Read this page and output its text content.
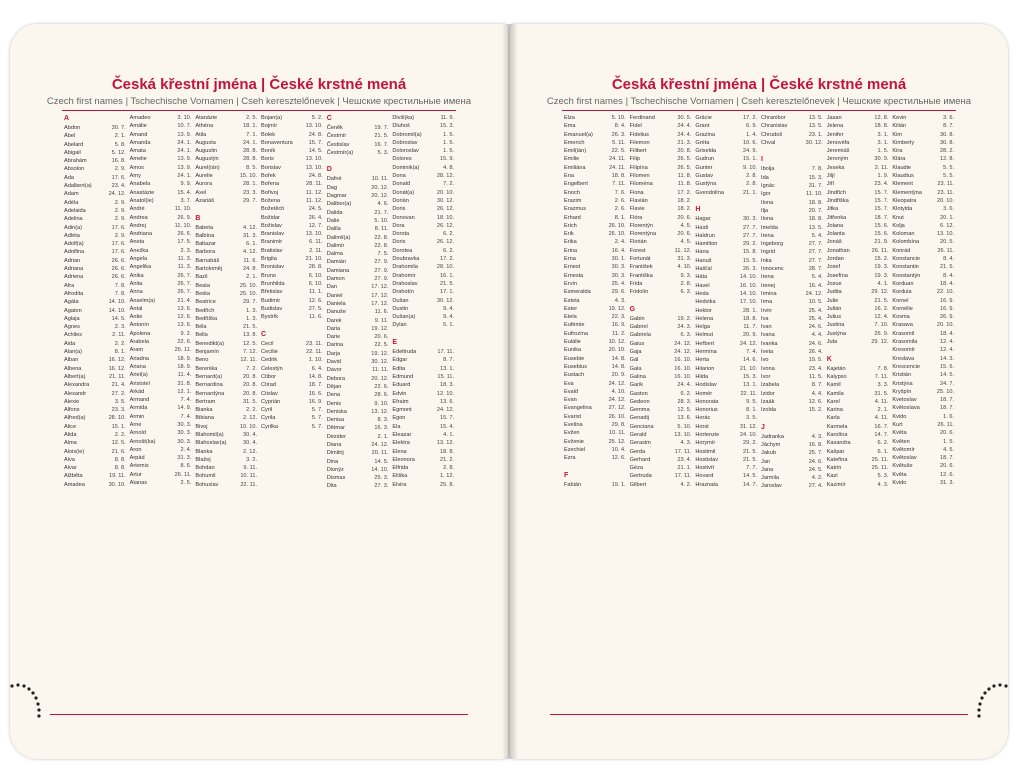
Česká křestní jména | České krstné mená
Czech first names | Tschechische Vornamen | Cseh keresztelőnevek | Чешские крестильные имена
A
Abdon	30. 7.
Ábel	2. 1.
Abelard	5. 8.
Abigail	5. 12.
Abrahám	16. 8.
Absolon	2. 9.
Ada	17. 6.
Adalbert(a)	23. 4.
Adam	24. 12.
Adéla	2. 9.
Adelaida	2. 9.
Adelina	2. 9.
Adin(a)	17. 6.
Adléta	2. 9.
Adolf(a)	17. 6.
Adolfina	17. 6.
Adrian	26. 6.
Adriana	26. 6.
Adriena	26. 6.
Afra	7. 8.
Afrodita	7. 8.
Agáta	14. 10.
Agaton	14. 10.
Aglaja	14. 5.
Agnes	2. 3.
Achiles	2. 11.
Aida	2. 2.
Alan(a)	8. 1.
Alban	16. 12.
Albena	16. 12.
Albert(a)	21. 11.
Alexandra	21. 4.
Alexandr	27. 2.
Alexie	3. 5.
Alfons	23. 3.
Alfred(a)	28. 10.
Alice	15. 1.
Alida	2. 2.
Alma	12. 5.
Alois(ie)	21. 6.
Alva	8. 8.
Alvar	8. 8.
Alžběta	19. 11.
Amadea	30. 10.
Amadeo	3. 10.
Amálie	10. 7.
Amand	13. 9.
Amanda	24. 1.
Amata	24. 1.
Amelie	13. 9.
Amos	13. 9.
Amy	24. 1.
Anabela	9. 9.
Anastázie	15. 4.
Anatol(ie)	3. 7.
André	11. 10.
Andrea	26. 9.
Andrej	11. 10.
Andriana	26. 6.
Aneta	17. 5.
Anežka	2. 3.
Angela	11. 3.
Angelika	11. 3.
Anika	26. 7.
Anita	26. 7.
Anna	26. 7.
Anselm(a)	21. 4.
Antal	13. 6.
Antie	12. 6.
Antonín	13. 6.
Apolena	9. 2.
Arabela	22. 6.
Aram	26. 11.
Ariadna	18. 9.
Ariana	18. 9.
Ariel(a)	11. 4.
Aristotel	31. 8.
Arkád	12. 1.
Armand	7. 4.
Armida	14. 9.
Armin	7. 4.
Arne	30. 3.
Arnold	30. 3.
Arnošt(ka)	30. 3.
Aron	2. 4.
Arpád	31. 3.
Artemis	8. 6.
Artur	26. 11.
Atanas	2. 5.
Atanázie	2. 5.
Athéna	18. 1.
Atila	7. 1.
Augusta	24. 1.
Augustin	28. 8.
Augustýn	28. 8.
Aurel(ián)	8. 5.
Aurelie	15. 10.
Aurora	28. 1.
Axel	23. 3.
Azariáš	29. 7.

B
Babeta	4. 12.
Balbína	31. 3.
Baltazar	6. 1.
Barbora	4. 12.
Barnabáš	11. 6.
Bartoloměj	24. 8.
Bazil	2. 1.
Beata	25. 10.
Beáta	25. 10.
Beatrice	29. 7.
Bedřich	1. 3.
Bedřiška	1. 3.
Béla	21. 5.
Bella	13. 8.
Benedikt(a)	12. 5.
Benjamín	7. 12.
Beno	12. 11.
Berenika	7. 2.
Bernard(a)	20. 8.
Bernardina	20. 8.
Bernardýna	20. 8.
Bertram	31. 5.
Bianka	2. 2.
Bibiana	2. 12.
Bivoj	10. 10.
Blahomil(a)	30. 4.
Blahoslav(a)	30. 4.
Blanka	2. 12.
Blažej	3. 2.
Bohdan	9. 11.
Bohumil	10. 11.
Bohuslav	22. 11.
Bojan(a)	5. 2.
Bojmír	13. 10.
Bolek	24. 8.
Bonaventura	15. 7.
Boník	14. 5.
Boris	13. 10.
Borislav	13. 10.
Bořek	24. 8.
Bořena	28. 11.
Bořivoj	11. 12.
Božena	11. 12.
Božetěch	24. 5.
Božidar	26. 4.
Božislav	12. 7.
Branislav	13. 10.
Branimír	6. 11.
Bratislav	2. 11.
Brigita	21. 10.
Bronislav	28. 8.
Bruno	6. 10.
Brunhilda	6. 10.
Břetislav	11. 1.
Budimír	12. 6.
Budislav	27. 5.
Bystrík	11. 6.

C
Cecil	23. 11.
Cecilie	22. 11.
Cedrik	1. 10.
Celestýn	6. 4.
Ctibor	14. 8.
Ctirad	18. 7.
Ctislav	16. 6.
Cyprián	16. 9.
Cyril	5. 7.
Cyrila	5. 7.
Cyrilka	5. 7.
Č
Čeněk	19. 7.
Čestmír	21. 5.
Čestislav	16. 7.
Čestmír(a)	5. 3.

D
Dafné	10. 11.
Dag	20. 12.
Dagmar	20. 12.
Dalibor(a)	4. 6.
Dalida	21. 7.
Dalie	5. 10.
Dalila	8. 11.
Dalimil(a)	22. 8.
Dalimír	22. 8.
Dalma	7. 5.
Damián	27. 9.
Damiana	27. 9.
Damon	27. 9.
Dan	17. 12.
Daniel	17. 12.
Daniela	17. 12.
Danuše	11. 6.
Darek	9. 11.
Daria	19. 12.
Darie	20. 6.
Darina	22. 5.
Darja	19. 12.
David	30. 12.
Davor	11. 11.
Debora	20. 12.
Dějan	22. 6.
Dena	28. 6.
Denis	9. 10.
Deniska	13. 12.
Denisa	8. 3.
Dětmar	16. 3.
Dezider	2. 1.
Diana	24. 12.
Dimitrij	20. 11.
Dina	14. 5.
Dionýz	14. 10.
Dismas	25. 3.
Dita	27. 3.
Diviš(ka)	11. 9.
Dluhoš	15. 3.
Dobromil(a)	1. 5.
Dobroslav	1. 5.
Doloroslav	1. 5.
Dolores	15. 9.
Dominik(a)	4. 8.
Dona	28. 12.
Donald	7. 2.
Donát(a)	20. 10.
Dorián	30. 12.
Doris	26. 12.
Donovan	18. 10.
Dora	26. 12.
Dorota	6. 2.
Doris	26. 12.
Dorotea	6. 2.
Doubravka	17. 2.
Drahomila	28. 10.
Drahomír	16. 1.
Drahoslav	21. 5.
Drahotín	17. 1.
Dušan	30. 12.
Dustin	9. 4.
Dušan(a)	9. 4.
Dylan	5. 1.

E
Edeltruda	17. 11.
Edgar	8. 7.
Edita	13. 1.
Edmund	15. 11.
Eduard	18. 3.
Edvin	12. 10.
Efraim	13. 6.
Egmont	24. 12.
Egon	15. 7.
Ela	15. 4.
Eleazar	4. 1.
Elektra	13. 12.
Elena	18. 8.
Eleonora	21. 2.
Elfrida	2. 8.
Eliška	1. 12.
Elvira	25. 8.
Česká křestní jména | České krstné mená
Czech first names | Tschechische Vornamen | Cseh keresztelőnevek | Чешские крестильные имена
Elza	5. 10.
Ema	8. 4.
Emanuel(a)	26. 3.
Emerich	5. 11.
Emil(ián)	22. 5.
Emilie	24. 11.
Emiliána	24. 11.
Ena	18. 8.
Engelbert	7. 11.
Enoch	7. 6.
Erazim	2. 6.
Erazmus	2. 6.
Erhard	8. 1.
Erich	26. 10.
Erik	26. 10.
Erika	2. 4.
Erina	16. 4.
Erna	30. 1.
Ernest	30. 3.
Ernesta	30. 3.
Ervín	25. 4.
Esmeralda	29. 6.
Estela	4. 3.
Ester	19. 12.
Etela	22. 3.
Eufémie	16. 9.
Eufrozína	11. 2.
Eulálie	10. 12.
Eunika	20. 10.
Eusebie	14. 8.
Eusebius	14. 8.
Eustach	20. 9.
Eva	24. 12.
Evald	4. 10.
Evan	24. 12.
Evangelina	27. 12.
Evarist	26. 10.
Evelína	29. 8.
Evžen	10. 11.
Evženie	25. 12.
Ezechiel	10. 4.
Ezra	12. 6.

F
Fabián	19. 1.
Ferdinand	30. 5.
Fidel	24. 4.
Fidelius	24. 4.
Filemon	21. 3.
Filibert	20. 8.
Filip	26. 5.
Filipína	26. 5.
Filomen	11. 8.
Filoména	11. 8.
Fiona	17. 2.
Flavián	18. 2.
Flavie	18. 2.
Flóra	20. 6.
Florentýn	4. 5.
Florentýna	20. 6.
Florián	4. 5.
Forest	11. 12.
Fortunát	31. 3.
František	4. 10.
Františka	9. 3.
Frida	2. 8.
Fridolín	6. 3.

G
Gabin	19. 2.
Gabriel	24. 3.
Gabriela	6. 3.
Gaius	24. 12.
Gaja	24. 12.
Gál	16. 10.
Gala	16. 10.
Galina	16. 10.
Garik	24. 4.
Gaston	6. 2.
Gedeon	28. 3.
Gemma	12. 5.
Genadij	13. 6.
Genciana	5. 10.
Gerald	13. 10.
Gerasim	4. 3.
Gerda	17. 11.
Gerhard	23. 4.
Géza	21. 1.
Gertruda	17. 11.
Gilbert	4. 2.
Grácie	17. 2.
Grant	6. 9.
Grażina	1. 4.
Gréta	10. 6.
Griselda	24. 9.
Gudrun	15. 1.
Gunter	9. 10.
Gustav	2. 8.
Gustýna	2. 8.
Gvendolína	21. 1.

H
Hagar	30. 3.
Haidi	27. 7.
Haldrun	27. 7.
Hamilton	29. 2.
Hana	15. 8.
Hanuš	15. 5.
Hašťal	26. 3.
Háta	14. 10.
Havel	16. 10.
Heda	14. 10.
Hedvika	17. 10.
Hektor	28. 1.
Helena	18. 8.
Helga	11. 7.
Helmut	20. 9.
Heřbert	24. 12.
Hermína	7. 4.
Herta	14. 6.
Hilarion	21. 10.
Hilda	15. 3.
Hodislav	13. 1.
Homér	22. 11.
Honorata	9. 5.
Honorius	8. 1.
Horác	3. 5.
Horst	31. 12.
Hortenzie	24. 10.
Horymír	29. 2.
Hostimil	21. 5.
Hostislav	21. 5.
Hostivít	7. 7.
Hovard	14. 5.
Hraznata	14. 7.
Chranibor	13. 5.
Chranislav	13. 5.
Chrudoš	23. 1.
Chval	30. 12.

I
Ibolja	7. 8.
Ida	15. 3.
Ignác	31. 7.
Igor	11. 10.
Ilona	18. 8.
Ilja	20. 7.
Ilona	18. 8.
Imelda	13. 5.
Irena	5. 4.
Ingeborg	27. 7.
Ingrid	27. 7.
Inka	27. 7.
Innocenc	28. 7.
Irena	5. 4.
Irenej	16. 4.
Irmina	24. 12.
Irma	10. 5.
Irvin	25. 4.
Iva	25. 4.
Ivan	24. 6.
Ivana	4. 4.
Ivanka	24. 6.
Iveta	26. 4.
Ivo	19. 5.
Ivona	23. 4.
Ivor	11. 5.
Izabela	8. 7.
Izidor	4. 4.
Izaák	12. 6.
Izolda	15. 2.

J
Jadranka	4. 3.
Jáchym	16. 8.
Jakub	25. 7.
Jan	24. 6.
Jana	24. 5.
Jarmila	4. 2.
Jaroslav	27. 4.
Jasan	12. 8.
Jelena	18. 8.
Jenifer	3. 1.
Jenovéfa	3. 1.
Jeremiáš	1. 5.
Jeroným	30. 9.
Jeseka	2. 11.
Jiljí	1. 9.
Jiří	23. 4.
Jindřich	15. 7.
Jindřiška	15. 7.
Jitka	15. 7.
Jitřenka	18. 7.
Jolana	15. 6.
Jolanta	15. 6.
Jonáš	21. 9.
Jonathan	26. 11.
Jordan	15. 2.
Josef	19. 3.
Josefína	19. 3.
Jozue	4. 1.
Judita	29. 12.
Julie	21. 5.
Julián	16. 2.
Julius	12. 4.
Justina	7. 10.
Justýna	26. 9.
Juta	29. 12.

K
Kajetán	7. 8.
Kalypso	7. 11.
Kamil	3. 3.
Kamila	31. 5.
Karel	4. 11.
Karina	2. 1.
Karla	4. 11.
Karmela	16. 7.
Karolína	14. 7.
Kasandra	6. 2.
Kašpar	6. 1.
Kateřina	25. 11.
Katrin	25. 11.
Kazi	5. 3.
Kazimír	4. 3.
Kevin	3. 6.
Kilián	8. 7.
Kim	30. 8.
Kimberly	30. 8.
Kira	28. 2.
Klára	12. 8.
Klaudie	5. 5.
Klaudius	5. 5.
Klement	23. 11.
Klementýna	23. 11.
Kleopatra	20. 10.
Klotylda	3. 6.
Knut	20. 1.
Kolja	6. 12.
Koloman	13. 10.
Kolombína	20. 5.
Konrád	26. 11.
Konstancie	8. 4.
Konstantin	21. 5.
Konstantýn	8. 4.
Korduan	18. 4.
Kordula	22. 10.
Kornel	16. 9.
Kornélie	16. 9.
Kosma	26. 9.
Krasava	20. 10.
Krasomil	18. 4.
Krasomila	12. 4.
Kresomír	12. 4.
Kreslava	14. 3.
Krescencie	15. 6.
Kristián	14. 5.
Kristýna	24. 7.
Kryšpín	25. 10.
Kvetoslav	18. 7.
Květoslava	18. 7.
Kvido	1. 6.
Kurt	26. 11.
Květa	20. 6.
Květen	1. 5.
Květomír	4. 5.
Květoslav	18. 7.
Květuše	20. 6.
Květa	12. 6.
Kvido	31. 3.
